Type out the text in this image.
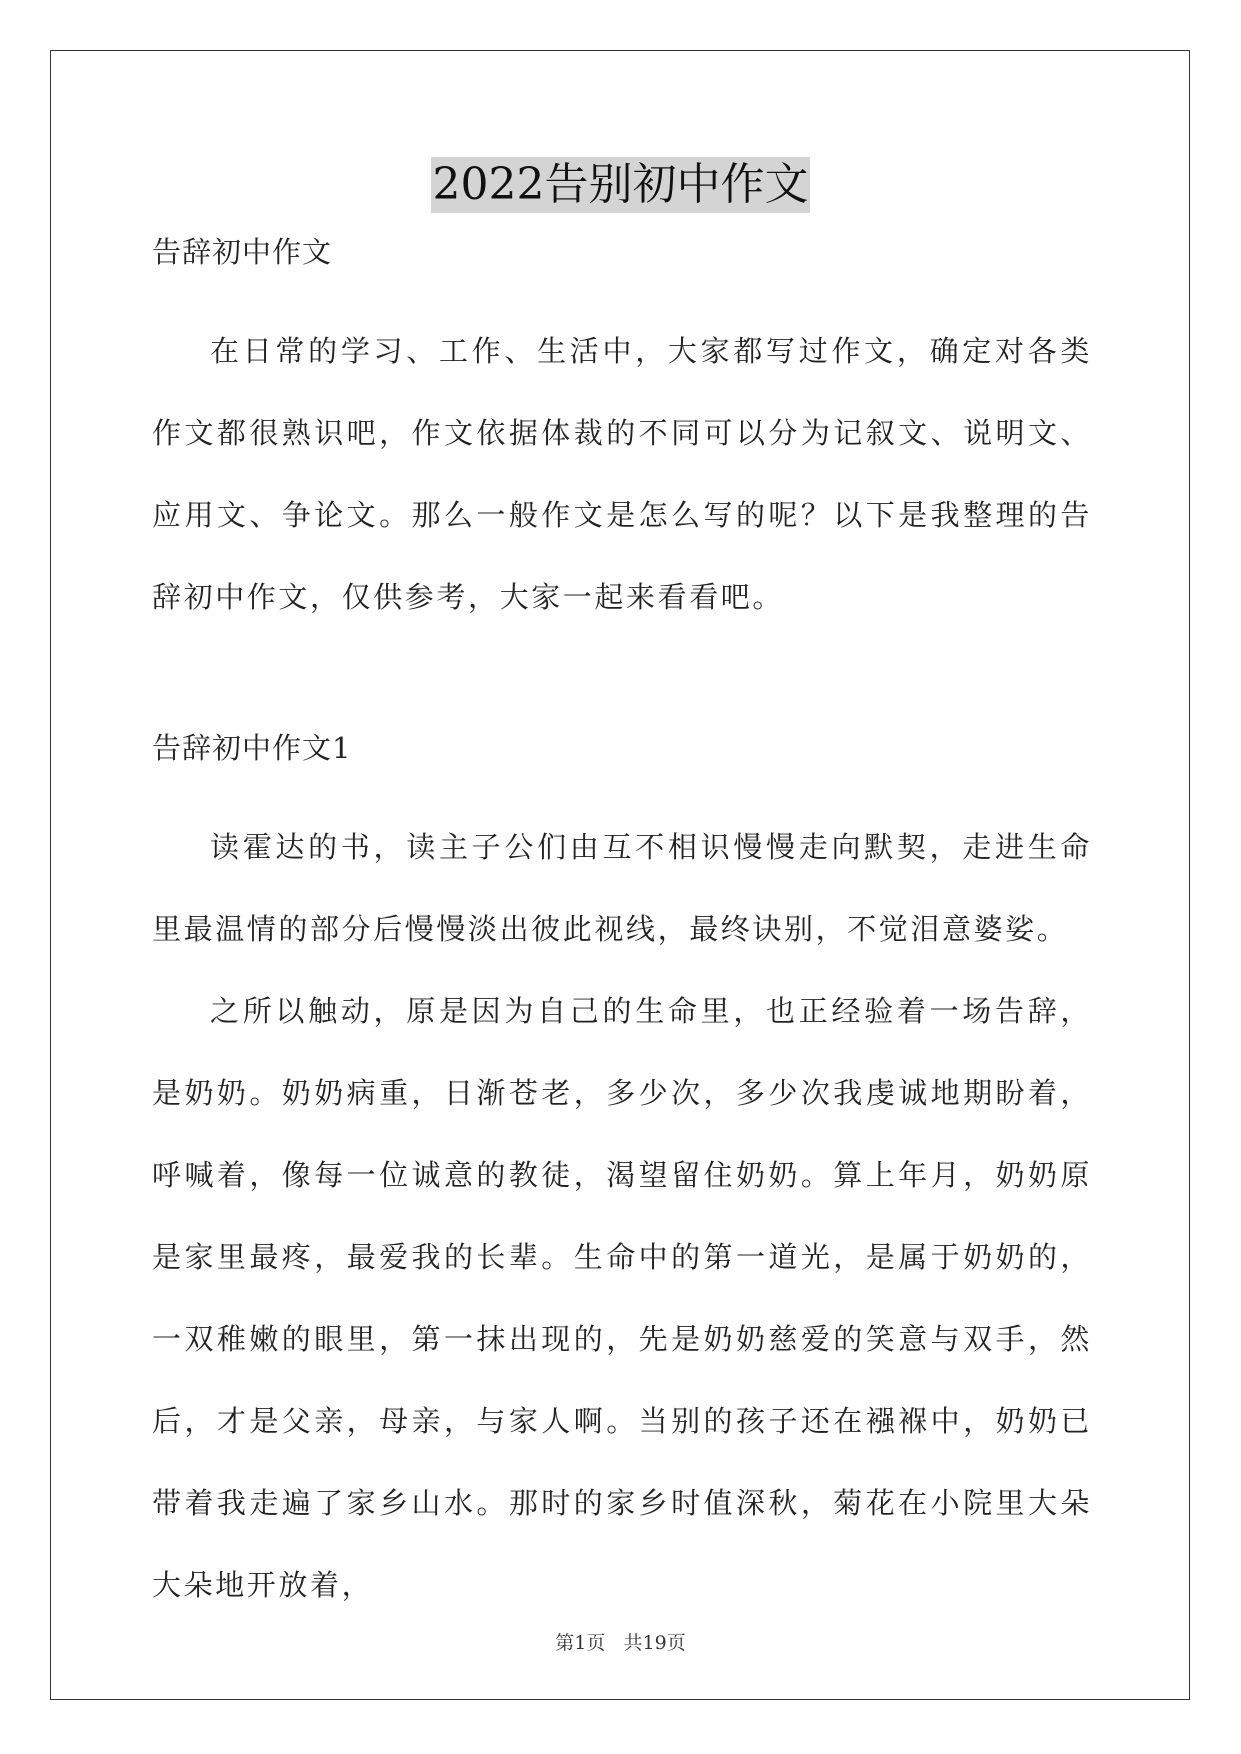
2022告别初中作文
告辞初中作文

在日常的学习、工作、生活中，大家都写过作文，确定对各类作文都很熟识吧，作文依据体裁的不同可以分为记叙文、说明文、应用文、争论文。那么一般作文是怎么写的呢？以下是我整理的告辞初中作文，仅供参考，大家一起来看看吧。

告辞初中作文1

读霍达的书，读主子公们由互不相识慢慢走向默契，走进生命里最温情的部分后慢慢淡出彼此视线，最终诀别，不觉泪意婆娑。

之所以触动，原是因为自己的生命里，也正经验着一场告辞，是奶奶。奶奶病重，日渐苍老，多少次，多少次我虔诚地期盼着，呼喊着，像每一位诚意的教徒，渴望留住奶奶。算上年月，奶奶原是家里最疼，最爱我的长辈。生命中的第一道光，是属于奶奶的，一双稚嫩的眼里，第一抹出现的，先是奶奶慈爱的笑意与双手，然后，才是父亲，母亲，与家人啊。当别的孩子还在襁褓中，奶奶已带着我走遍了家乡山水。那时的家乡时值深秋，菊花在小院里大朵大朵地开放着，

第1页 共19页
